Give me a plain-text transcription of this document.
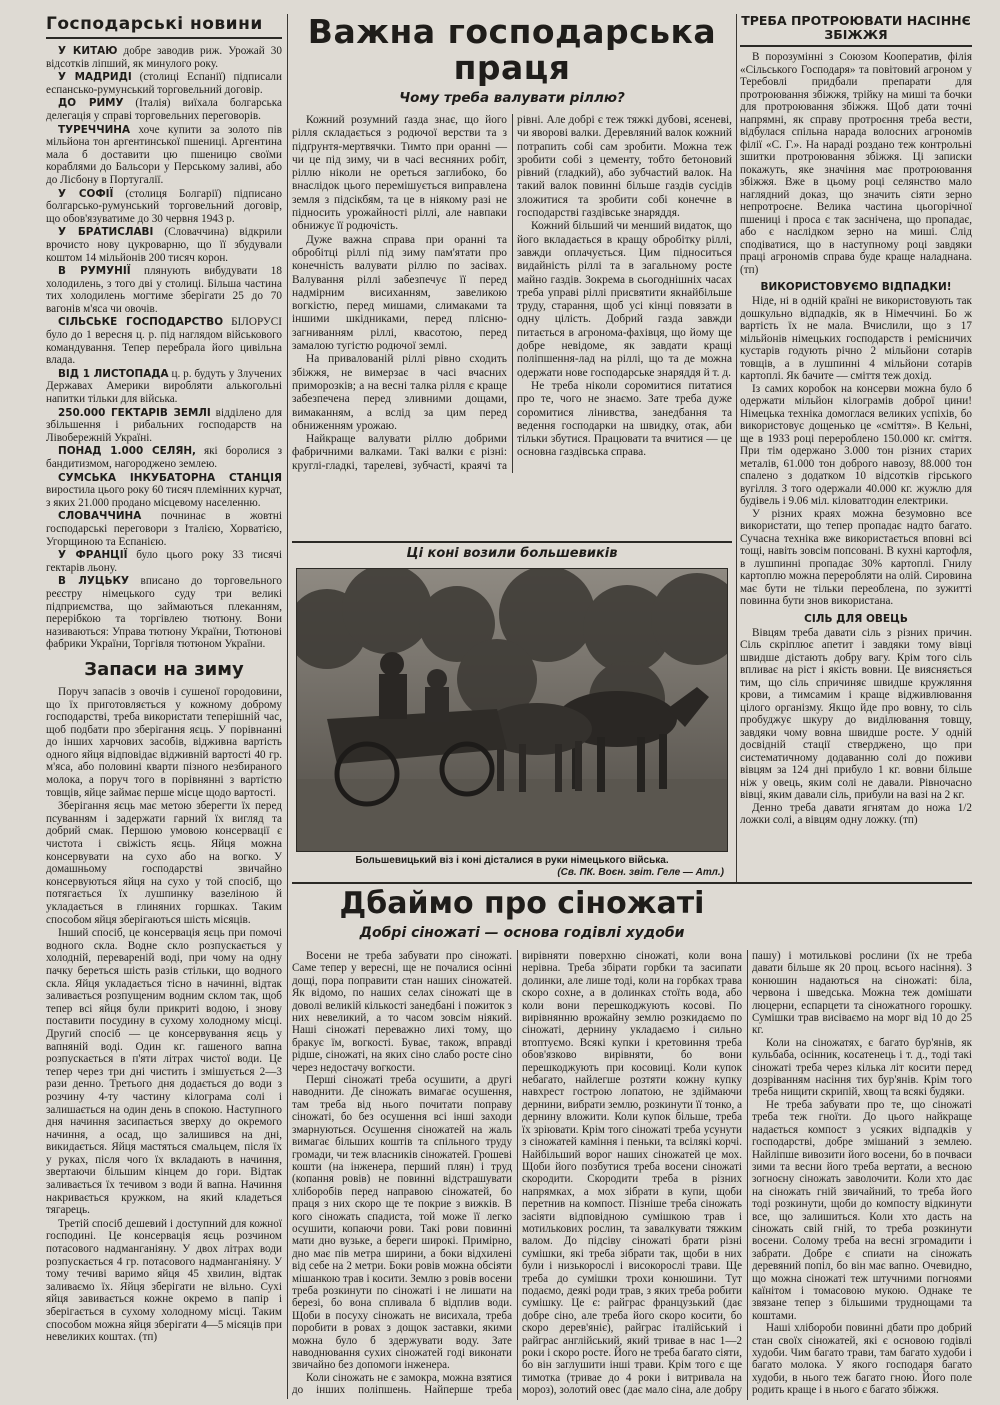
Господарські новини

У КИТАЮ добре заводив риж. Урожай 30 відсотків ліпший, як минулого року.

У МАДРИДІ (столиці Еспанії) підписали еспансько-румунський торговельний договір.

ДО РИМУ (Італія) виїхала болгарська делегація у справі торговельних переговорів.

ТУРЕЧЧИНА хоче купити за золото пів мільйона тон аргентинської пшениці. Аргентина мала б доставити цю пшеницю своїми кораблями до Бальсори у Перському заливі, або до Лісбону в Португалії.

У СОФІЇ (столиця Болгарії) підписано болгарсько-румунський торговельний договір, що обов'язуватиме до 30 червня 1943 р.

У БРАТИСЛАВІ (Словаччина) відкрили врочисто нову цукроварню, що її збудували коштом 14 мільйонів 200 тисяч корон.

В РУМУНІЇ плянують вибудувати 18 холодилень, з того дві у столиці. Більша частина тих холодилень могтиме зберігати 25 до 70 вагонів м'яса чи овочів.

СІЛЬСЬКЕ ГОСПОДАРСТВО БІЛОРУСІ було до 1 вересня ц. р. під наглядом військового командування. Тепер перебрала його цивільна влада.

ВІД 1 ЛИСТОПАДА ц. р. будуть у Злучених Державах Америки виробляти алькогольні напитки тільки для війська.

250.000 ГЕКТАРІВ ЗЕМЛІ відділено для збільшення і рибальних господарств на Лівобережній Україні.

ПОНАД 1.000 СЕЛЯН, які боролися з бандитизмом, нагороджено землею.

СУМСЬКА ІНКУБАТОРНА СТАНЦІЯ виростила цього року 60 тисяч племінних курчат, з яких 21.000 продано місцевому населенню.

СЛОВАЧЧИНА почнинає в жовтні господарські переговори з Італією, Хорватією, Угорщиною та Еспанією.

У ФРАНЦІЇ було цього року 33 тисячі гектарів льону.

В ЛУЦЬКУ вписано до торговельного реєстру німецького суду три великі підприємства, що займаються плеканням, перерібкою та торгівлею тютюну. Вони називаються: Управа тютюну України, Тютюнові фабрики України, Торгівля тютюном України.

Запаси на зиму

Поруч запасів з овочів і сушеної городовини, що їх приготовляється у кожному доброму господарстві, треба використати теперішній час, щоб подбати про зберігання яєць. У порівнанні до інших харчових засобів, відживна вартість одного яйця відповідає відживній вартості 40 гр. м'яса, або половині кварти пізного незбираного молока, а поруч того в порівнянні з вартістю товщів, яйце займає перше місце щодо вартості.

Зберігання яєць має метою зберегти їх перед псуванням і задержати гарний їх вигляд та добрий смак. Першою умовою консервації є чистота і свіжість яєць. Яйця можна консервувати на сухо або на вогко. У домашньому господарстві звичайно консервуються яйця на сухо у той спосіб, що потягається їх лушпинку вазеліною й укладається в глиняних горшках. Таким способом яйця зберігаються шість місяців.

Інший спосіб, це консервація яєць при помочі водного скла. Водне скло розпускається у холодній, перевареній воді, при чому на одну пачку береться шість разів стільки, що водного скла. Яйця укладається тісно в начинні, відтак заливається розпущеним водним склом так, щоб тепер всі яйця були прикриті водою, і знову поставити посудину в сухому холодному місці. Другий спосіб — це консервування яєць у вапняній воді. Один кг. гашеного вапна розпускається в п'яти літрах чистої води. Це тепер через три дні чистить і змішується 2—3 рази денно. Третього дня додається до води з розчину 4-ту частину кілограма солі і залишається на один день в спокою. Наступного дня начиння засипається зверху до окремого начиння, а осад, що залишився на дні, викидається. Яйця мастяться смальцем, після їх у руках, після чого їх вкладають в начиння, звертаючи більшим кінцем до гори. Відтак заливається їх течивом з води й вапна. Начиння накривається кружком, на який кладеться тягарець.

Третій спосіб дешевий і доступний для кожної господині. Це консервація яєць розчином потасового надманганіяну. У двох літрах води розпускається 4 гр. потасового надманганіяну. У тому течиві варимо яйця 45 хвилин, відтак заливаємо їх. Яйця зберігати не вільно. Сухі яйця завивається кожне окремо в папір і зберігається в сухому холодному місці. Таким способом можна яйця зберігати 4—5 місяців при невеликих коштах. (тп)

Важна господарська праця
Чому треба валувати ріллю?

Кожний розумний ґазда знає, що його рілля складається з родючої верстви та з підґрунтя-мертвячки. Тимто при оранні — чи це під зиму, чи в часі весняних робіт, ріллю ніколи не ореться заглибоко, бо внаслідок цього перемішується виправлена земля з підсікбям, та це в ніякому разі не підносить урожайності ріллі, але навпаки обнижує її родючість.

Дуже важна справа при оранні та обробітці ріллі під зиму пам'ятати про конечність валувати ріллю по засівах. Валування ріллі забезпечує її перед надмірним висиханням, завеликою вогкістю, перед мишами, слимаками та іншими шкідниками, перед плісню-загниванням ріллі, квасотою, перед замалою тугістю родючої землі.

На привалованій ріллі рівно сходить збіжжя, не вимерзає в часі вчасних приморозків; а на весні талка рілля є краще забезпечена перед зливними дощами, вимаканням, а вслід за цим перед обниженням урожаю.

Найкраще валувати ріллю добрими фабричними валками. Такі валки є різні: круглі-гладкі, тарелеві, зубчасті, краячі та рівні. Але добрі є теж тяжкі дубові, ясеневі, чи яворові валки. Деревляний валок кожний потрапить собі сам зробити. Можна теж зробити собі з цементу, тобто бетоновий рівний (гладкий), або зубчастий валок. На такий валок повинні більше газдів сусідів зложитися та зробити собі конечне в господарстві газдівське знаряддя.

Кожний більший чи менший видаток, що його вкладається в кращу обробітку ріллі, завжди оплачується. Цим підноситься видайність ріллі та в загальному росте майно газдів. Зокрема в сьогоднішніх часах треба управі ріллі присвятити якнайбільше труду, старання, щоб усі кінці повязати в одну цілість. Добрий газда завжди питається в агронома-фахівця, що йому ще добре невідоме, як завдати кращі поліпшення-лад на ріллі, що та де можна одержати нове господарське знаряддя й т. д.

Не треба ніколи соромитися питатися про те, чого не знаємо. Зате треба дуже соромитися лінивства, занедбання та ведення господарки на швидку, отак, аби тільки збутися. Працювати та вчитися — це основна газдівська справа.

Ці коні возили большевиків
Большевицький віз і коні дісталися в руки німецького війська.
(Св. ПК. Воєн. звіт. Геле — Атл.)
ТРЕБА ПРОТРОЮВАТИ НАСІННЄ ЗБІЖЖЯ

В порозумінні з Союзом Кооператив, філія «Сільського Господаря» та повітовий агроном у Теребовлі придбали препарати для протроювання збіжжя, трійку на мишi та бочки для протроювання збіжжя. Щоб дати точні напрямні, як справу протроєння треба вести, відбулася спільна нарада волосних агрономів філії «С. Г.». На нараді роздано теж контрольні зшитки протроювання збіжжя. Ці записки покажуть, яке значіння має протроювання збіжжя. Вже в цьому році селянство мало наглядний доказ, що значить сіяти зерно непротроєне. Велика частина цьогорічної пшениці і проса є так заснічена, що пропадає, або є наслідком зерно на мишi. Слід сподіватися, що в наступному році завдяки праці агрономів справа буде краще наладнана. (тп)

ВИКОРИСТОВУЄМО ВІДПАДКИ!

Ніде, ні в одній країні не використовують так дошкульно відпадків, як в Німеччині. Бо ж вартість їх не мала. Вчислили, що з 17 мільйонів німецьких господарств і ремісничих кустарів годують річно 2 мільйони сотарів товщів, а в лушпинні 4 мільйони сотарів картоплі. Як бачите — сміття теж дохід.

Із самих коробок на консерви можна було б одержати мільйон кілограмів доброї цини! Німецька техніка домоглася великих успіхів, бо використовує дощенько це «сміття». В Кельні, ще в 1933 році перероблено 150.000 кг. сміття. При тім одержано 3.000 тон різних старих металів, 61.000 тон доброго навозу, 88.000 тон спалено з додатком 10 відсотків гірського вугілля. З того одержали 40.000 кг. жужлю для будівель і 9.06 міл. кіловатгодин електрики.

У різних краях можна безумовно все використати, що тепер пропадає надто багато. Сучасна техніка вже використається вповні всі тощі, навіть зовсім попсовані. В кухні картофля, в лушпинні пропадає 30% картоплі. Гнилу картоплю можна переробляти на олій. Сировина має бути не тільки переоблена, по зужитті повинна бути знов використана.

СІЛЬ ДЛЯ ОВЕЦЬ

Вівцям треба давати сіль з різних причин. Сіль скріплює апетит і завдяки тому вівці швидше дістають добру вагу. Крім того сіль впливає на ріст і якість вовни. Це виясняється тим, що сіль спричиняє швидше кружляння крови, а тимсамим і краще відживлювання цілого організму. Якщо йде про вовну, то сіль пробуджує шкуру до виділювання товщу, завдяки чому вовна швидше росте. У одній досвідній стації стверджено, що при систематичному додаванню солі до поживи вівцям за 124 дні прибуло 1 кг. вовни більше ніж у овець, яким солі не давали. Рівночасно вівці, яким давали сіль, прибули на вазі на 2 кг.

Денно треба давати ягнятам до ножа 1/2 ложки солі, а вівцям одну ложку. (тп)

Дбаймо про сіножаті
Добрі сіножаті — основа годівлі худоби

Восени не треба забувати про сіножаті. Саме тепер у вересні, ще не почалися осінні дощі, пора поправити стан наших сіножатей. Як відомо, по наших селах сіножаті ще в доволі великій кількості занедбані і пожиток з них невеликий, а то часом зовсім ніякий. Наші сіножаті переважно лихі тому, що бракує їм, вогкості. Буває, також, вправді рідше, сіножаті, на яких сіно слабо росте сіно через недостачу вогкости.

Перші сіножаті треба осушити, а другі наводнити. Де сіножать вимагає осушення, там треба від нього почитати поправу сіножаті, бо без осушення всі інші заходи змарнуються. Осушення сіножатей на жаль вимагає більших коштів та спільного труду громади, чи теж власників сіножатей. Грошеві кошти (на інженера, перший плян) і труд (копання ровів) не повинні відстрашувати хліборобів перед направою сіножатей, бо праця з них скоро ще те покрие з вижків. В кого сіножать спадиста, той може її легко осушити, копаючи рови. Такі рови повинні мати дно вузьке, а береги широкі. Примірно, дно має пів метра ширини, а боки відхилені від себе на 2 метри. Боки ровів можна обсіяти мішанкою трав і косити. Землю з ровів восени треба розкинути по сіножаті і не лишати на березі, бо вона спливала б відплив води. Щоби в посуху сіножать не висихала, треба поробити в ровах з дощок заставки, якими можна було б здержувати воду. Зате наводнювання сухих сіножатей годі виконати звичайно без допомоги інженера.

Коли сіножать не є замокра, можна взятися до інших поліпшень. Найперше треба вирівняти поверхню сіножаті, коли вона нерівна. Треба збірати горбки та засипати долинки, але лише тоді, коли на горбках трава скоро сохне, а в долинках стоїть вода, або коли вони перешкоджують косові. По вирівнянню врожайну землю розкидаємо по сіножаті, дернину укладаємо і сильно втоптуємо. Всякі купки і кретовиння треба обов'язково вирівняти, бо вони перешкоджують при косовиці. Коли купок небагато, найлегше розтяти кожну купку навхрест гострою лопатою, не здіймаючи дернини, вибрати землю, розкинути її тонко, а дернину вложити. Коли купок більше, треба їх зріювати. Крім того сіножаті треба усунути з сіножатей каміння і пеньки, та всілякі корчі. Найбільший ворог наших сіножатей це мох. Щоби його позбутися треба восени сіножаті скородити. Скородити треба в різних напрямках, а мох зібрати в купи, щоби перетнив на компост. Пізніше треба сіножать засіяти відповідною сумішкою трав і мотилькових рослин, та завалкувати тяжким валом. До підсіву сіножаті брати різні сумішки, які треба зібрати так, щоби в них були і низькорослі і високорослі трави. Ще треба до сумішки трохи конюшини. Тут подаємо, деякі роди трав, з яких треба робити сумішку. Це є: райграс французький (дає добре сіно, але треба його скоро косити, бо скоро дерев'яніє), райграс італійський і райграс англійський, який тривае в нас 1—2 роки і скоро росте. Його не треба багато сіяти, бо він заглушити інші трави. Крім того є ще тимотка (тривае до 4 роки і витривала на мороз), золотий овес (дає мало сіна, але добру пашу) і мотилькові рослини (їх не треба давати більше як 20 проц. всього насіння). З конюшин надаються на сіножаті: біла, червона і шведська. Можна теж домішати люцерни, еспарцети та сіножатного горошку. Сумішки трав висіваємо на морг від 10 до 25 кг.

Коли на сіножатях, є багато бур'янів, як кульбаба, осінник, косатенець і т. д., тоді такі сіножаті треба через кілька літ косити перед дозріванням насіння тих бур'янів. Крім того треба нищити скрипій, хвощ та всякі будяки.

Не треба забувати про те, що сіножаті треба теж гноїти. До цього найкраще надається компост з усяких відпадків у господарстві, добре змішаний з землею. Найліпше вивозити його восени, бо в почваси зими та весни його треба вертати, а весною зогноєну сіножать заволочити. Коли хто дає на сіножать гній звичайний, то треба його тоді розкинути, щоби до компосту відкинути все, що залишиться. Коли хто дасть на сіножать свій гній, то треба розкинути восени. Солому треба на весні згромадити і забрати. Добре є спиати на сіножать деревяний попіл, бо він має вапно. Очевидно, що можна сіножаті теж штучними погноями каїнітом і томасовою мукою. Однаке те звязане тепер з більшими труднощами та коштами.

Наші хлібороби повинні дбати про добрий стан своїх сіножатей, які є основою годівлі худоби. Чим багато трави, там багато худоби і багато молока. У якого господаря багато худоби, в нього теж багато гною. Його поле родить краще і в нього є багато збіжжя.
